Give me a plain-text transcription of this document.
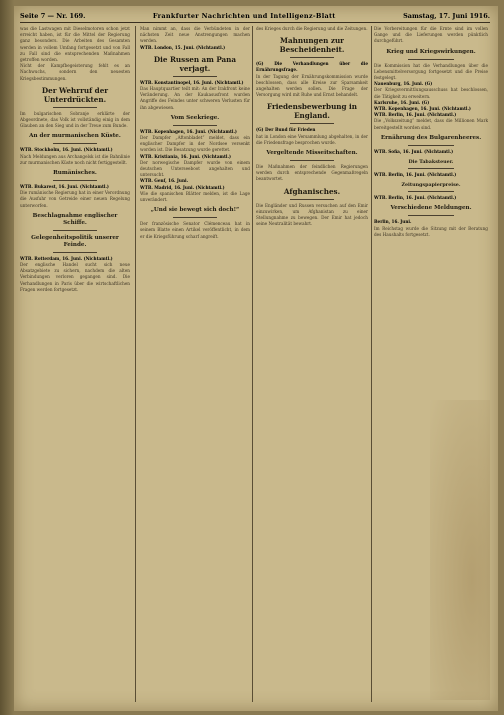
Seite 7 — Nr. 169.	Frankfurter Nachrichten und Intelligenz-Blatt	Samstag, 17. Juni 1916.
was die Lastwagen mit Dieselmotoren schon jetzt erreicht haben, ist für die Mittel der Regierung ganz besonders. Die Arbeiten des Gesamten werden in vollem Umfang fortgesetzt und von Fall zu Fall sind die entsprechenden Maßnahmen getroffen worden.
Nicht der Kampfbegeisterung fehlt es an Nachwuchs, sondern den neuesten Kriegsbestimmungen.
Der Wehrruf der Unterdrückten.
Im bulgarischen Sobranje erklärte der Abgeordnete, das Volk ist vollständig einig in dem Glauben an den Sieg und in der Treue zum Bunde.
An der murmanischen Küste.
WTB. Stockholm, 16. Juni. (Nichtamtl.)
Nach Meldungen aus Archangelsk ist die Bahnlinie zur murmanischen Küste noch nicht fertiggestellt.
Rumänisches.
WTB. Bukarest, 16. Juni. (Nichtamtl.)
Die rumänische Regierung hat in einer Verordnung die Ausfuhr von Getreide einer neuen Regelung unterworfen.
Beschlagnahme englischer Schiffe.
Gelegenheitspolitik unserer Feinde.
WTB. Rotterdam, 16. Juni. (Nichtamtl.)
Der englische Handel sucht sich neue Absatzgebiete zu sichern, nachdem die alten Verbindungen verloren gegangen sind. Die Verhandlungen in Paris über die wirtschaftlichen Fragen werden fortgesetzt.
Man nimmt an, dass die Verbündeten in der nächsten Zeit neue Anstrengungen machen werden.
WTB. London, 15. Juni. (Nichtamtl.)
Die Russen am Pana verjagt.
WTB. Konstantinopel, 16. Juni. (Nichtamtl.)
Das Hauptquartier teilt mit: An der Irakfront keine Veränderung. An der Kaukasusfront wurden Angriffe des Feindes unter schweren Verlusten für ihn abgewiesen.
Vom Seekriege.
WTB. Kopenhagen, 16. Juni. (Nichtamtl.)
Der Dampfer „Aftonbladet“ meldet, dass ein englischer Dampfer in der Nordsee versenkt worden ist. Die Besatzung wurde gerettet.
WTB. Kristiania, 16. Juni. (Nichtamtl.)
Der norwegische Dampfer wurde von einem deutschen Unterseeboot angehalten und untersucht.
WTB. Genf, 16. Juni.
WTB. Madrid, 16. Juni. (Nichtamtl.)
Wie die spanischen Blätter melden, ist die Lage unverändert.
„Und sie bewegt sich doch!“
Der französische Senator Clémenceau hat in seinem Blatte einen Artikel veröffentlicht, in dem er die Kriegsführung scharf angreift.
des Krieges durch die Regierung und die Zeitungen.
Mahnungen zur Bescheidenheit.
(G) Die Verhandlungen über die Ernährungsfrage.
In der Tagung der Ernährungskommission wurde beschlossen, dass alle Kreise zur Sparsamkeit angehalten werden sollen. Die Frage der Versorgung wird mit Ruhe und Ernst behandelt.
Friedensbewerbung in England.
(G) Der Bund für Frieden
hat in London eine Versammlung abgehalten, in der die Friedensfrage besprochen wurde.
Vergeltende Misseitschaften.
Die Maßnahmen der feindlichen Regierungen werden durch entsprechende Gegenmaßregeln beantwortet.
Afghanisches.
Die Engländer und Russen versuchen auf den Emir einzuwirken, um Afghanistan zu einer Stellungnahme zu bewegen. Der Emir hat jedoch seine Neutralität bewahrt.
Die Vorbereitungen für die Ernte sind im vollen Gange und die Lieferungen werden pünktlich durchgeführt.
Krieg und Kriegswirkungen.
Die Kommission hat die Verhandlungen über die Lebensmittelversorgung fortgesetzt und die Preise festgelegt.
Nauenburg, 16. Juni. (G)
Der Kriegsvermittlungsausschuss hat beschlossen, die Tätigkeit zu erweitern.
Karlsruhe, 16. Juni. (G)
WTB. Kopenhagen, 16. Juni. (Nichtamtl.)
WTB. Berlin, 16. Juni. (Nichtamtl.)
Die „Volkszeitung“ meldet, dass die Millionen Mark bereitgestellt worden sind.
Ernährung des Bulgarenheeres.
WTB. Sofia, 16. Juni. (Nichtamtl.)
Die Tabaksteuer.
WTB. Berlin, 16. Juni. (Nichtamtl.)
Zeitungspapierpreise.
WTB. Berlin, 16. Juni. (Nichtamtl.)
Verschiedene Meldungen.
Berlin, 16. Juni.
Im Reichstag wurde die Sitzung mit der Beratung des Haushalts fortgesetzt.
